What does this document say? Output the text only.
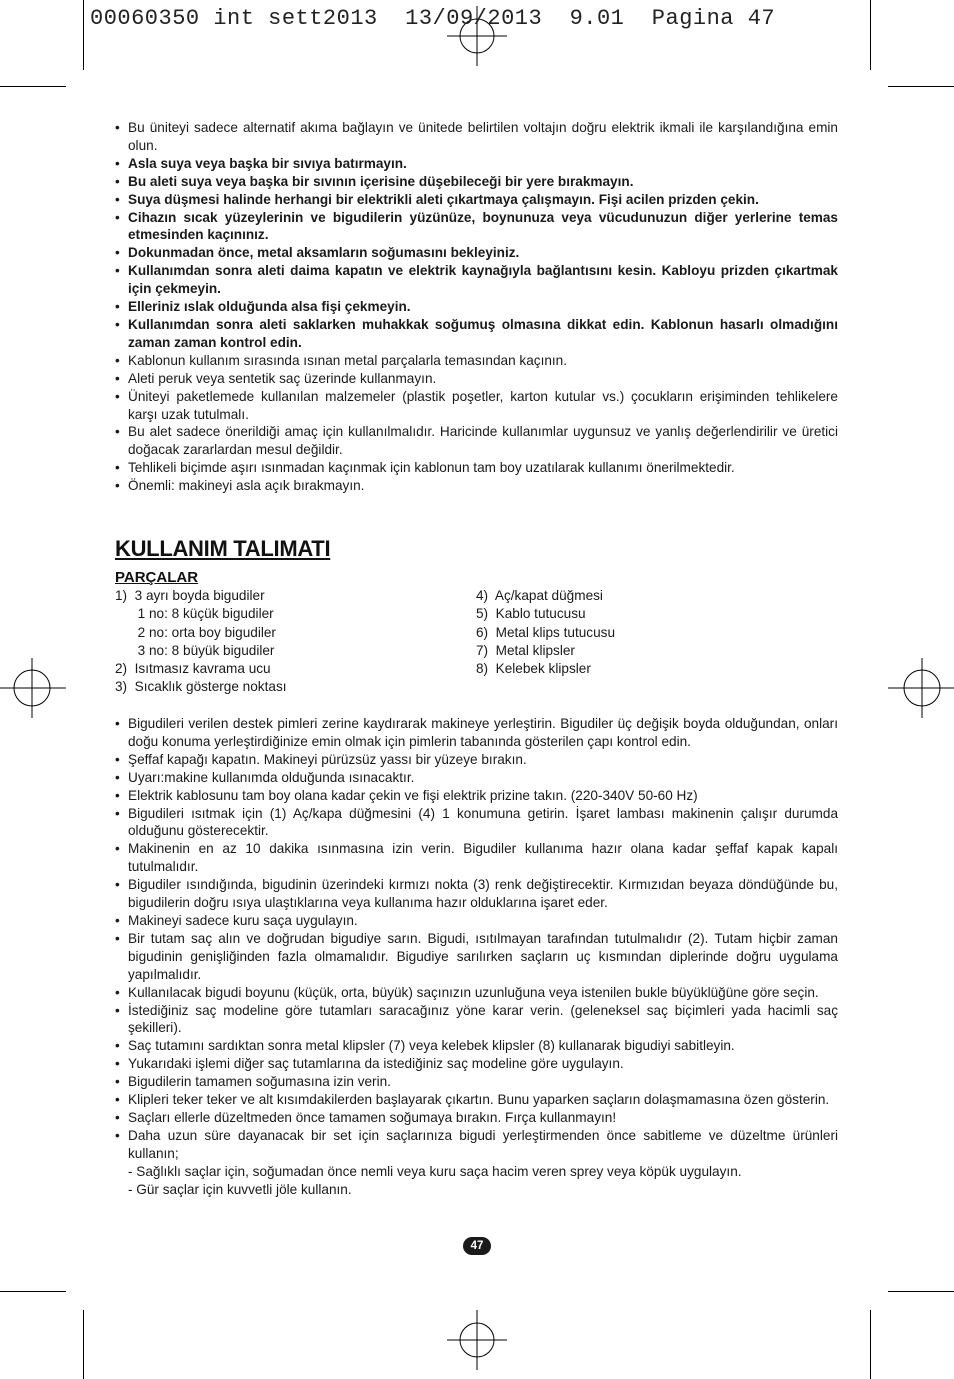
00060350 int sett2013  13/09/2013  9.01  Pagina 47
• Bu üniteyi sadece alternatif akıma bağlayın ve ünitede belirtilen voltajın doğru elektrik ikmali ile karşılandığına emin olun.
• Asla suya veya başka bir sıvıya batırmayın.
• Bu aleti suya veya başka bir sıvının içerisine düşebileceği bir yere bırakmayın.
• Suya düşmesi halinde herhangi bir elektrikli aleti çıkartmaya çalışmayın. Fişi acilen prizden çekin.
• Cihazın sıcak yüzeylerinin ve bigudilerin yüzünüze, boynunuza veya vücudunuzun diğer yerlerine temas etmesinden kaçınınız.
• Dokunmadan önce, metal aksamların soğumasını bekleyiniz.
• Kullanımdan sonra aleti daima kapatın ve elektrik kaynağıyla bağlantısını kesin. Kabloyu prizden çıkartmak için çekmeyin.
• Elleriniz ıslak olduğunda alsa fişi çekmeyin.
• Kullanımdan sonra aleti saklarken muhakkak soğumuş olmasına dikkat edin. Kablonun hasarlı olmadığını zaman zaman kontrol edin.
• Kablonun kullanım sırasında ısınan metal parçalarla temasından kaçının.
• Aleti peruk veya sentetik saç üzerinde kullanmayın.
• Üniteyi paketlemede kullanılan malzemeler (plastik poşetler, karton kutular vs.) çocukların erişiminden tehlikelere karşı uzak tutulmalı.
• Bu alet sadece önerildiği amaç için kullanılmalıdır. Haricinde kullanımlar uygunsuz ve yanlış değerlendirilir ve üretici doğacak zararlardan mesul değildir.
• Tehlikeli biçimde aşırı ısınmadan kaçınmak için kablonun tam boy uzatılarak kullanımı önerilmektedir.
• Önemli: makineyi asla açık bırakmayın.
KULLANIM TALIMATI
PARÇALAR
1)  3 ayrı boyda bigudiler
1 no: 8 küçük bigudiler
2 no: orta boy bigudiler
3 no: 8 büyük bigudiler
2)  Isıtmasız kavrama ucu
3)  Sıcaklık gösterge noktası
4)  Aç/kapat düğmesi
5)  Kablo tutucusu
6)  Metal klips tutucusu
7)  Metal klipsler
8)  Kelebek klipsler
• Bigudileri verilen destek pimleri zerine kaydırarak makineye yerleştirin. Bigudiler üç değişik boyda olduğundan, onları doğu konuma yerleştirdiğinize emin olmak için pimlerin tabanında gösterilen çapı kontrol edin.
• Şeffaf kapağı kapatın. Makineyi pürüzsüz yassı bir yüzeye bırakın.
• Uyarı:makine kullanımda olduğunda ısınacaktır.
• Elektrik kablosunu tam boy olana kadar çekin ve fişi elektrik prizine takın. (220-340V 50-60 Hz)
• Bigudileri ısıtmak için (1) Aç/kapa düğmesini (4) 1 konumuna getirin. İşaret lambası makinenin çalışır durumda olduğunu gösterecektir.
• Makinenin en az 10 dakika ısınmasına izin verin. Bigudiler kullanıma hazır olana kadar şeffaf kapak kapalı tutulmalıdır.
• Bigudiler ısındığında, bigudinin üzerindeki kırmızı nokta (3) renk değiştirecektir. Kırmızıdan beyaza döndüğünde bu, bigudilerin doğru ısıya ulaştıklarına veya kullanıma hazır olduklarına işaret eder.
• Makineyi sadece kuru saça uygulayın.
• Bir tutam saç alın ve doğrudan bigudiye sarın. Bigudi, ısıtılmayan tarafından tutulmalıdır (2). Tutam hiçbir zaman bigudinin genişliğinden fazla olmamalıdır. Bigudiye sarılırken saçların uç kısmından diplerinde doğru uygulama yapılmalıdır.
• Kullanılacak bigudi boyunu (küçük, orta, büyük) saçınızın uzunluğuna veya istenilen bukle büyüklüğüne göre seçin.
• İstediğiniz saç modeline göre tutamları saracağınız yöne karar verin. (geleneksel saç biçimleri yada hacimli saç şekilleri).
• Saç tutamını sardıktan sonra metal klipsler (7) veya kelebek klipsler (8) kullanarak bigudiyi sabitleyin.
• Yukarıdaki işlemi diğer saç tutamlarına da istediğiniz saç modeline göre uygulayın.
• Bigudilerin tamamen soğumasına izin verin.
• Klipleri teker teker ve alt kısımdakilerden başlayarak çıkartın. Bunu yaparken saçların dolaşmamasına özen gösterin.
• Saçları ellerle düzeltmeden önce tamamen soğumaya bırakın. Fırça kullanmayın!
• Daha uzun süre dayanacak bir set için saçlarınıza bigudi yerleştirmenden önce sabitleme ve düzeltme ürünleri kullanın;
- Sağlıklı saçlar için, soğumadan önce nemli veya kuru saça hacim veren sprey veya köpük uygulayın.
- Gür saçlar için kuvvetli jöle kullanın.
47
